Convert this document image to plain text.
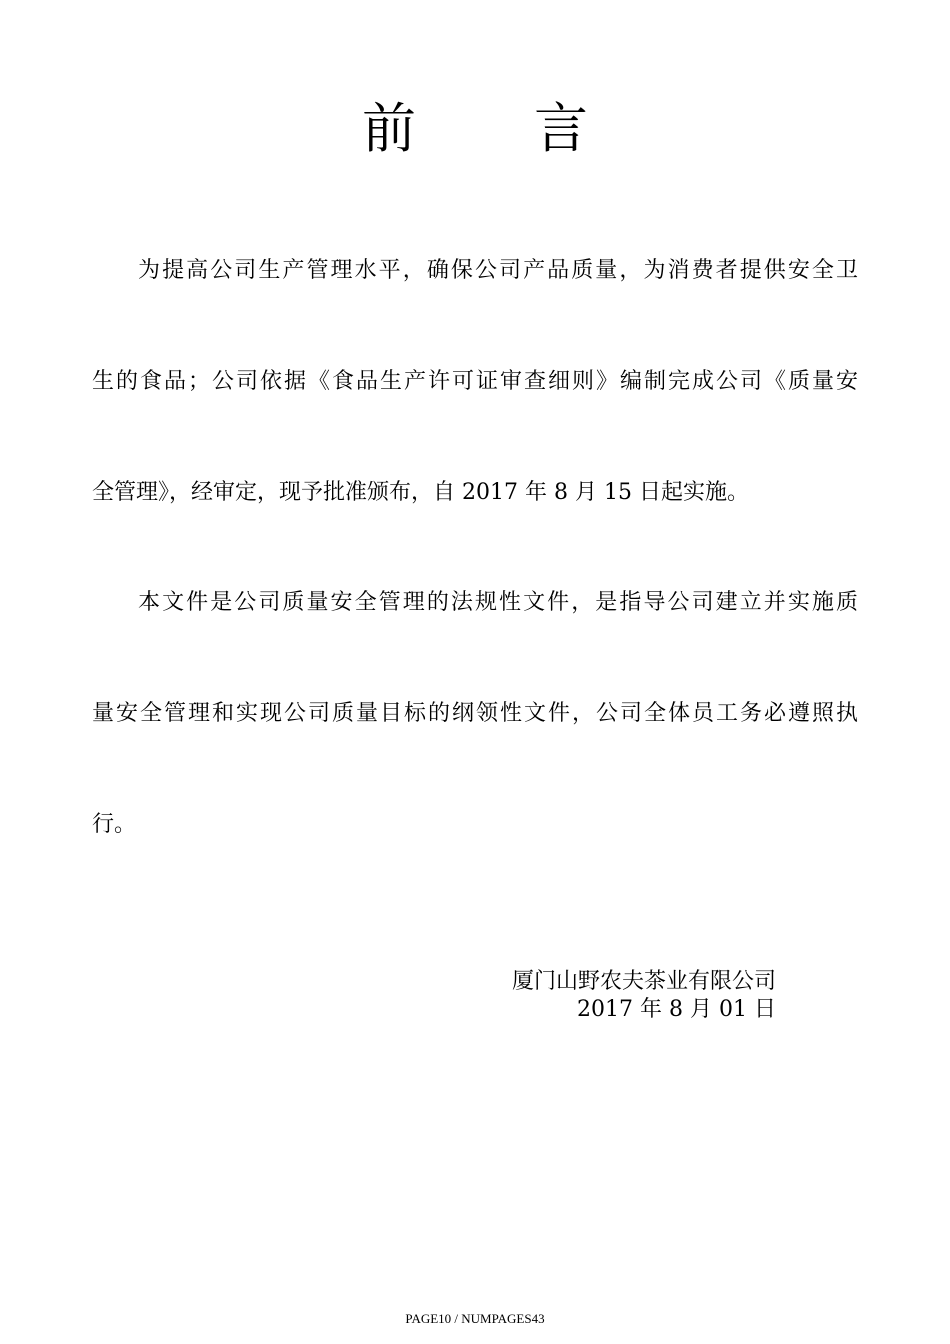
前 言
为提高公司生产管理水平，确保公司产品质量，为消费者提供安全卫
生的食品；公司依据《食品生产许可证审查细则》编制完成公司《质量安
全管理》，经审定，现予批准颁布，自 2017 年 8 月 15 日起实施。
本文件是公司质量安全管理的法规性文件，是指导公司建立并实施质
量安全管理和实现公司质量目标的纲领性文件，公司全体员工务必遵照执
行。
厦门山野农夫茶业有限公司
2017 年 8 月 01 日
PAGE10 / NUMPAGES43
